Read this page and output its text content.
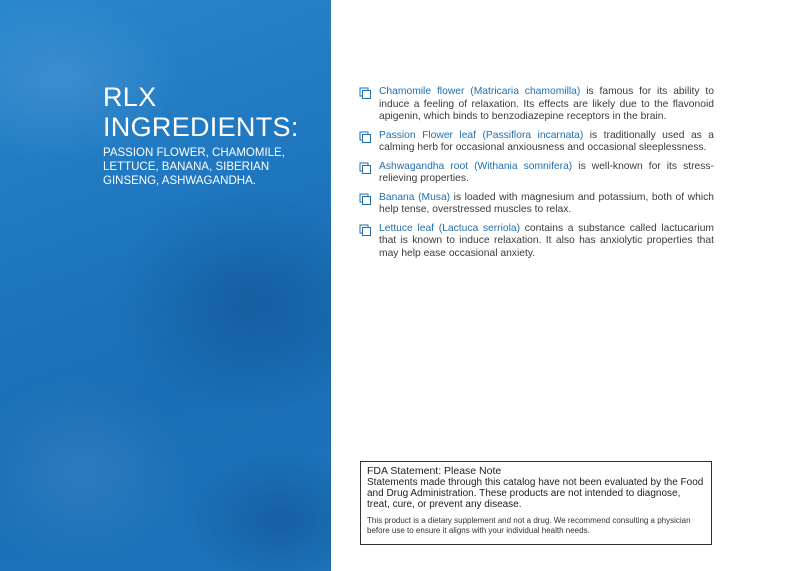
RLX
INGREDIENTS:
PASSION FLOWER, CHAMOMILE, LETTUCE, BANANA, SIBERIAN GINSENG, ASHWAGANDHA.
Chamomile flower (Matricaria chamomilla) is famous for its ability to induce a feeling of relaxation. Its effects are likely due to the flavonoid apigenin, which binds to benzodiazepine receptors in the brain.
Passion Flower leaf (Passiflora incarnata) is traditionally used as a calming herb for occasional anxiousness and occasional sleeplessness.
Ashwagandha root (Withania somnifera) is well-known for its stress-relieving properties.
Banana (Musa) is loaded with magnesium and potassium, both of which help tense, overstressed muscles to relax.
Lettuce leaf (Lactuca serriola) contains a substance called lactucarium that is known to induce relaxation. It also has anxiolytic properties that may help ease occasional anxiety.
FDA Statement: Please Note

Statements made through this catalog have not been evaluated by the Food and Drug Administration. These products are not intended to diagnose, treat, cure, or prevent any disease.

This product is a dietary supplement and not a drug. We recommend consulting a physician before use to ensure it aligns with your individual health needs.
